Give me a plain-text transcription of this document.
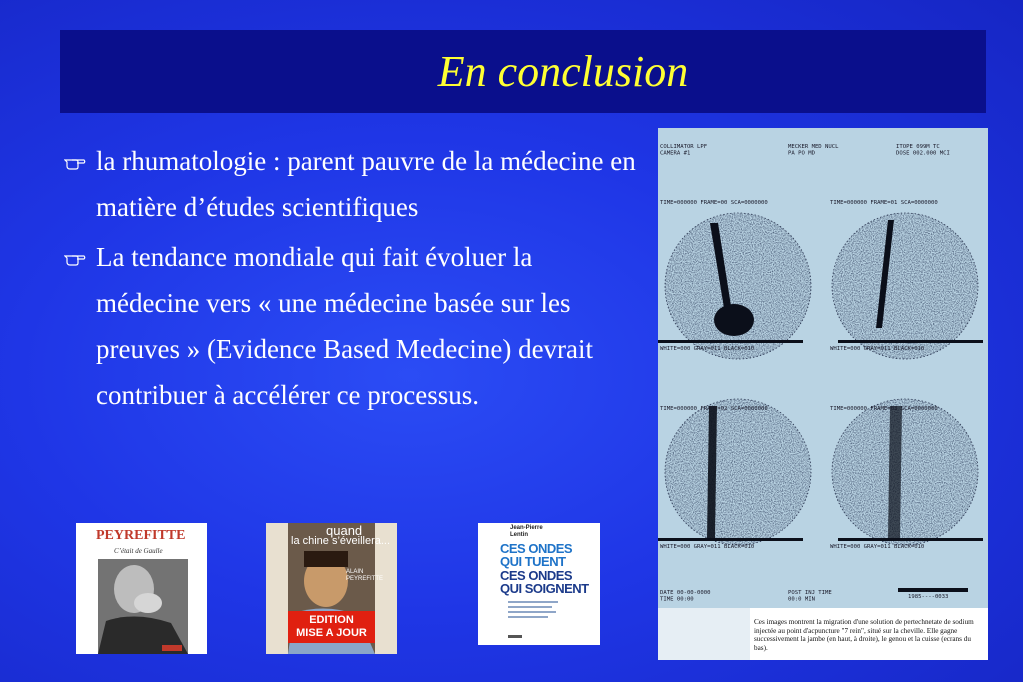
En conclusion
la rhumatologie : parent pauvre de la médecine en matière d’études scientifiques
La tendance mondiale qui fait évoluer la médecine vers « une médecine basée sur les preuves » (Evidence Based Medecine) devrait contribuer à accélérer ce processus.
PEYREFITTE
C’était de Gaulle
quand
la chine s’éveillera...
ALAIN PEYREFITTE
EDITION
MISE A JOUR
Jean-Pierre Lentin
CES ONDES
QUI TUENT
CES ONDES
QUI SOIGNENT
COLLIMATOR LPF CAMERA #1
MECKER MED NUCL PA PO MD
ITOPE 099M TC DOSE 002.000 MCI
TIME=000000 FRAME=00 SCA=0000000	TIME=000000 FRAME=01 SCA=0000000
WHITE=000 GRAY=011 BLACK=010	WHITE=000 GRAY=011 BLACK=010
TIME=000000 FRAME=02 SCA=0000000	TIME=000000 FRAME=03 SCA=0000000
WHITE=000 GRAY=011 BLACK=010	WHITE=000 GRAY=011 BLACK=010
DATE 00-00-0000 TIME 00:00
POST INJ TIME 00:0 MIN	1985----0033
Ces images montrent la migration d'une solution de pertechnetate de sodium injectée au point d'acpuncture "7 rein", situé sur la cheville. Elle gagne successivement la jambe (en haut, à droite), le genou et la cuisse (ecrans du bas).
